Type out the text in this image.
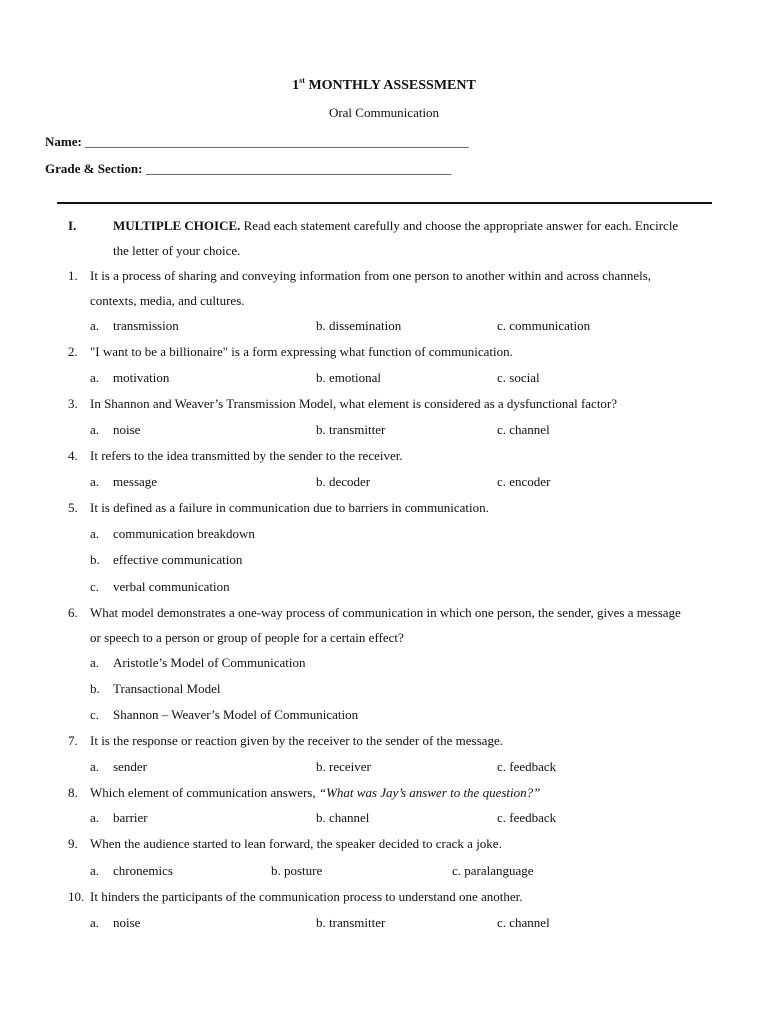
1st MONTHLY ASSESSMENT
Oral Communication
Name: ___________________________________________________________
Grade & Section: _______________________________________________
I.	MULTIPLE CHOICE. Read each statement carefully and choose the appropriate answer for each. Encircle
the letter of your choice.
1. It is a process of sharing and conveying information from one person to another within and across channels,
contexts, media, and cultures.
a. transmission	b. dissemination	c. communication
2. "I want to be a billionaire" is a form expressing what function of communication.
a. motivation	b. emotional	c. social
3. In Shannon and Weaver’s Transmission Model, what element is considered as a dysfunctional factor?
a. noise	b. transmitter	c. channel
4. It refers to the idea transmitted by the sender to the receiver.
a. message	b. decoder	c. encoder
5. It is defined as a failure in communication due to barriers in communication.
a. communication breakdown
b. effective communication
c. verbal communication
6. What model demonstrates a one-way process of communication in which one person, the sender, gives a message
or speech to a person or group of people for a certain effect?
a. Aristotle’s Model of Communication
b. Transactional Model
c. Shannon – Weaver’s Model of Communication
7. It is the response or reaction given by the receiver to the sender of the message.
a. sender	b. receiver	c. feedback
8. Which element of communication answers, “What was Jay’s answer to the question?”
a. barrier	b. channel	c. feedback
9. When the audience started to lean forward, the speaker decided to crack a joke.
a. chronemics	b. posture	c. paralanguage
10. It hinders the participants of the communication process to understand one another.
a. noise	b. transmitter	c. channel
